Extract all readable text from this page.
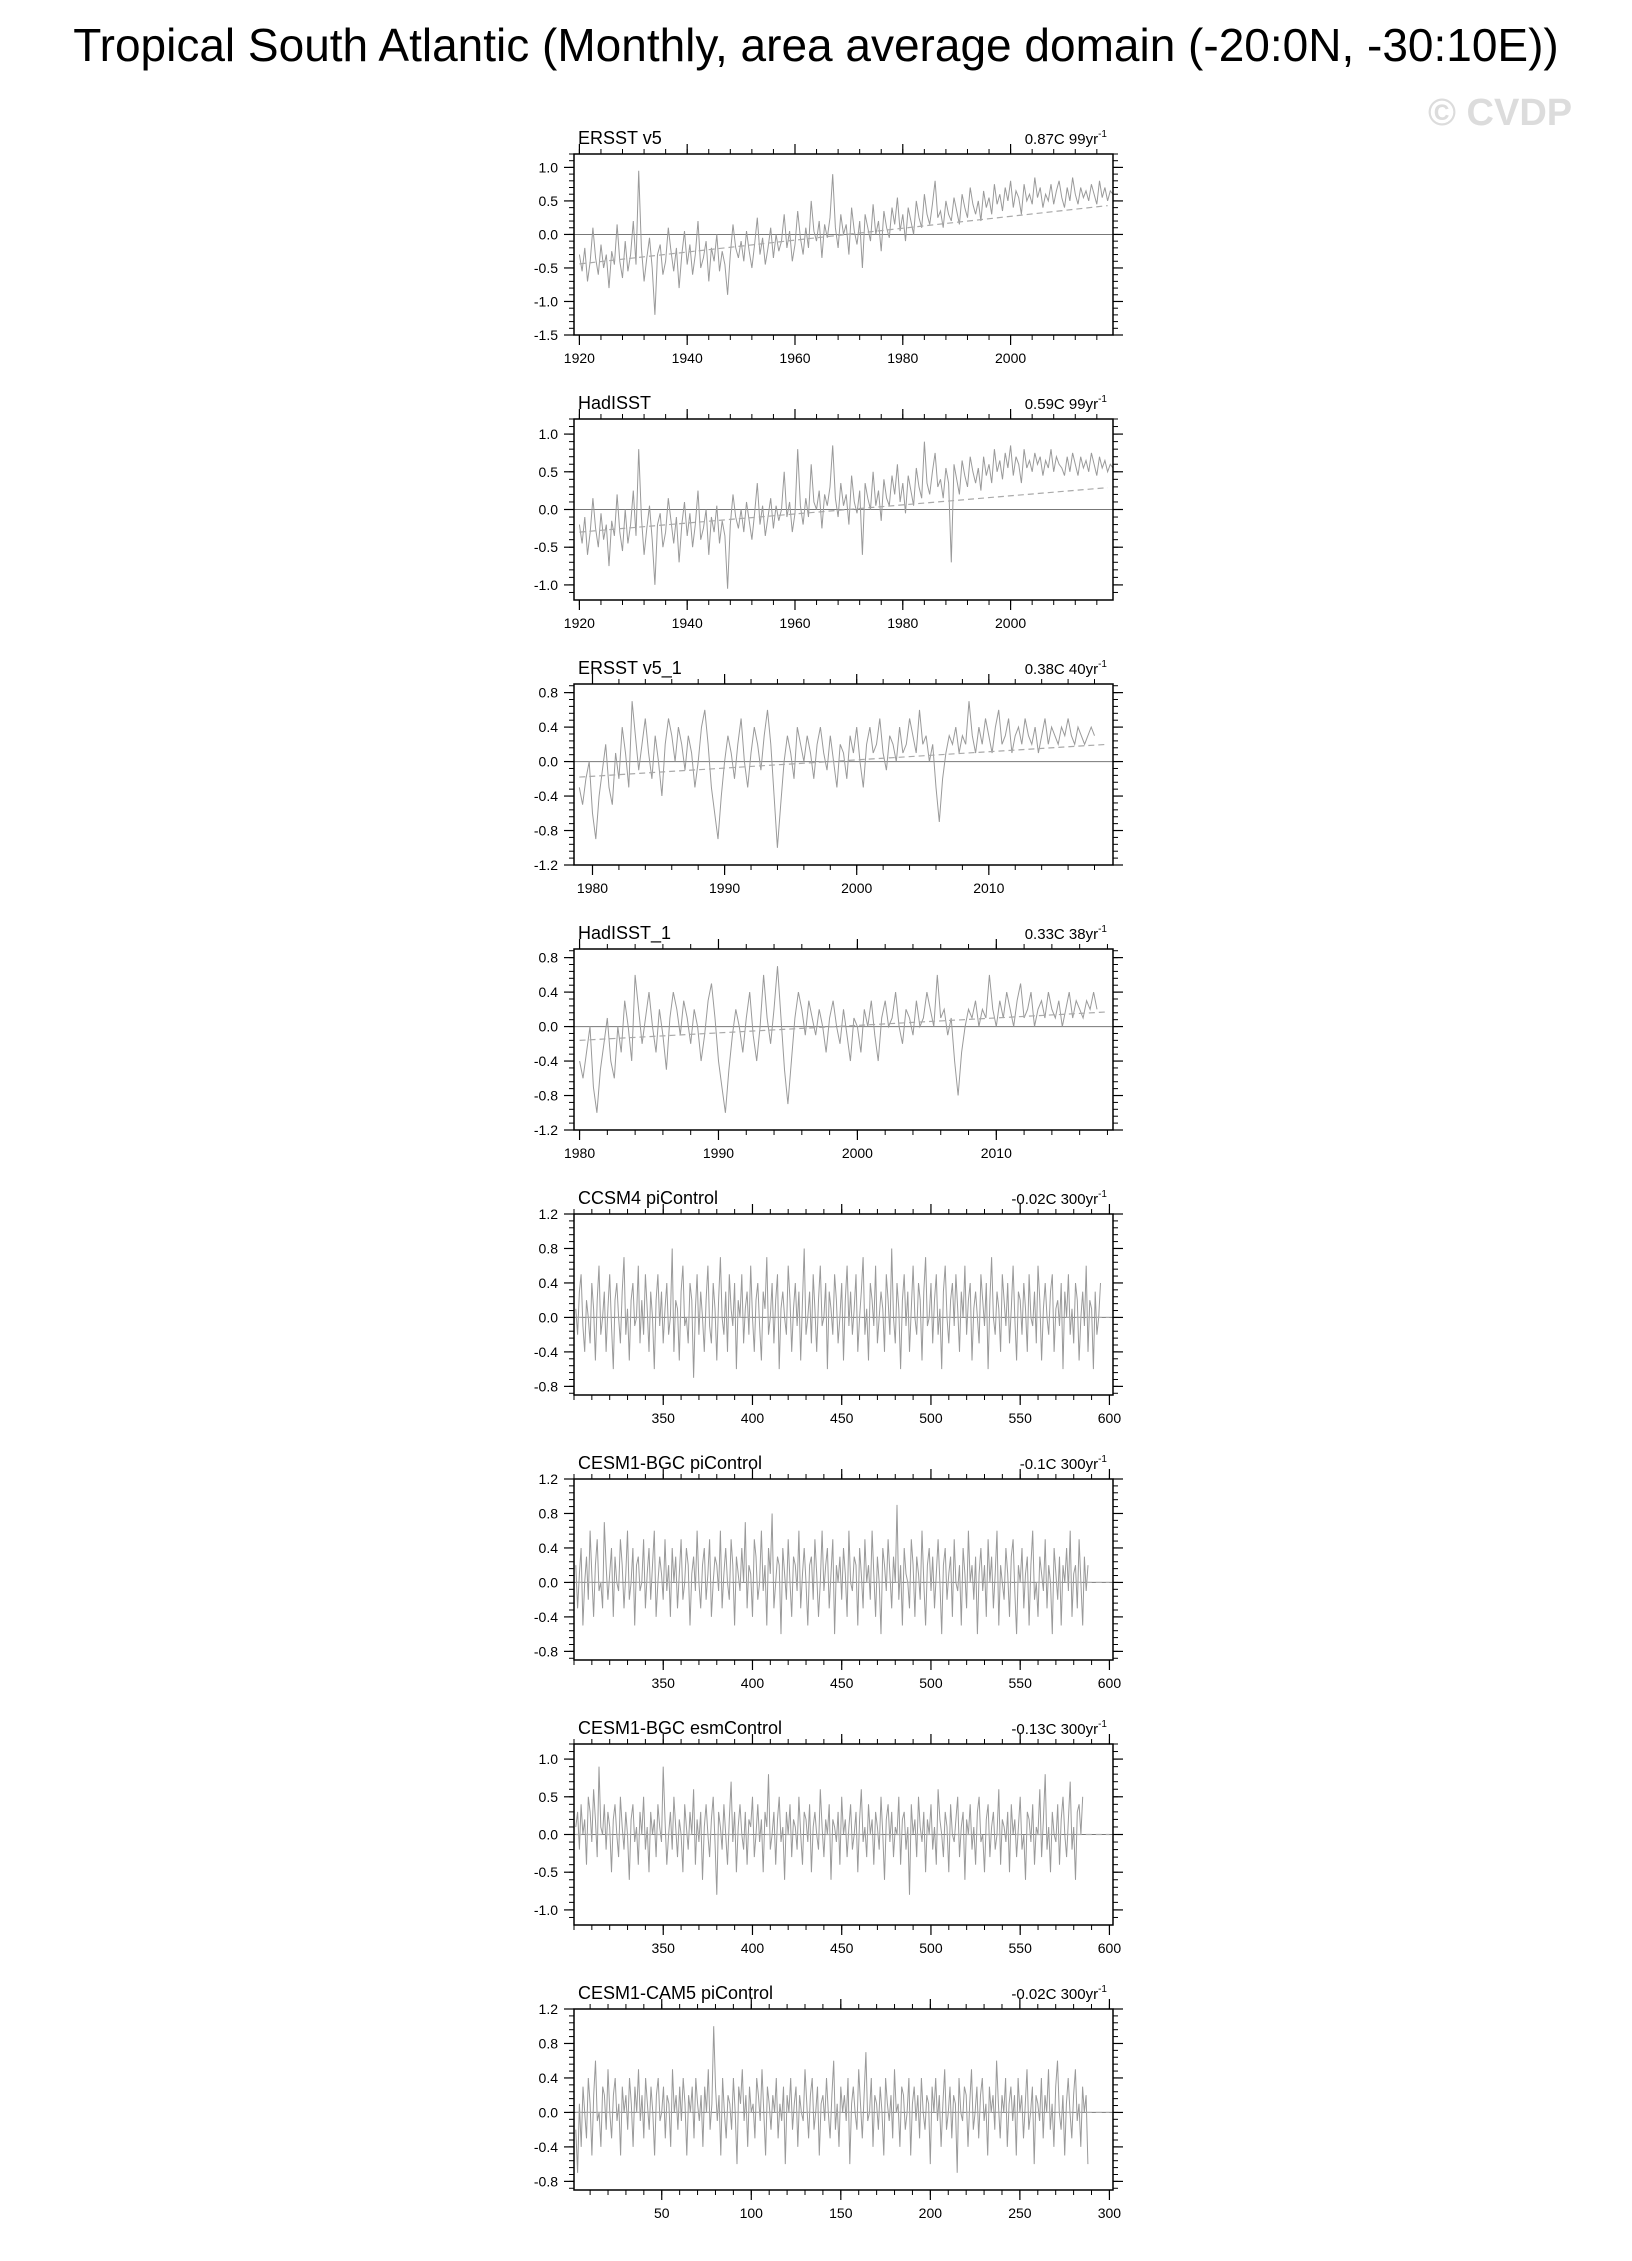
Tropical South Atlantic (Monthly, area average domain (-20:0N, -30:10E))
© CVDP
ERSST v5	0.87C $99yr^{-1}$
1920	1940	1960	1980	2000
-1.5
-1.0
-0.5
0.0
0.5
1.0
HadISST	0.59C $99yr^{-1}$
1920	1940	1960	1980	2000
-1.0
-0.5
0.0
0.5
1.0
ERSST v5_1	0.38C $40yr^{-1}$
1980	1990	2000	2010
-1.2
-0.8
-0.4
0.0
0.4
0.8
HadISST_1	0.33C $38yr^{-1}$
1980	1990	2000	2010
-1.2
-0.8
-0.4
0.0
0.4
0.8
CCSM4 piControl	-0.02C $300yr^{-1}$
350	400	450	500	550	600
-0.8
-0.4
0.0
0.4
0.8
1.2
CESM1-BGC piControl	-0.1C $300yr^{-1}$
350	400	450	500	550	600
-0.8
-0.4
0.0
0.4
0.8
1.2
CESM1-BGC esmControl	-0.13C $300yr^{-1}$
350	400	450	500	550	600
-1.0
-0.5
0.0
0.5
1.0
CESM1-CAM5 piControl	-0.02C $300yr^{-1}$
50	100	150	200	250	300
-0.8
-0.4
0.0
0.4
0.8
1.2
